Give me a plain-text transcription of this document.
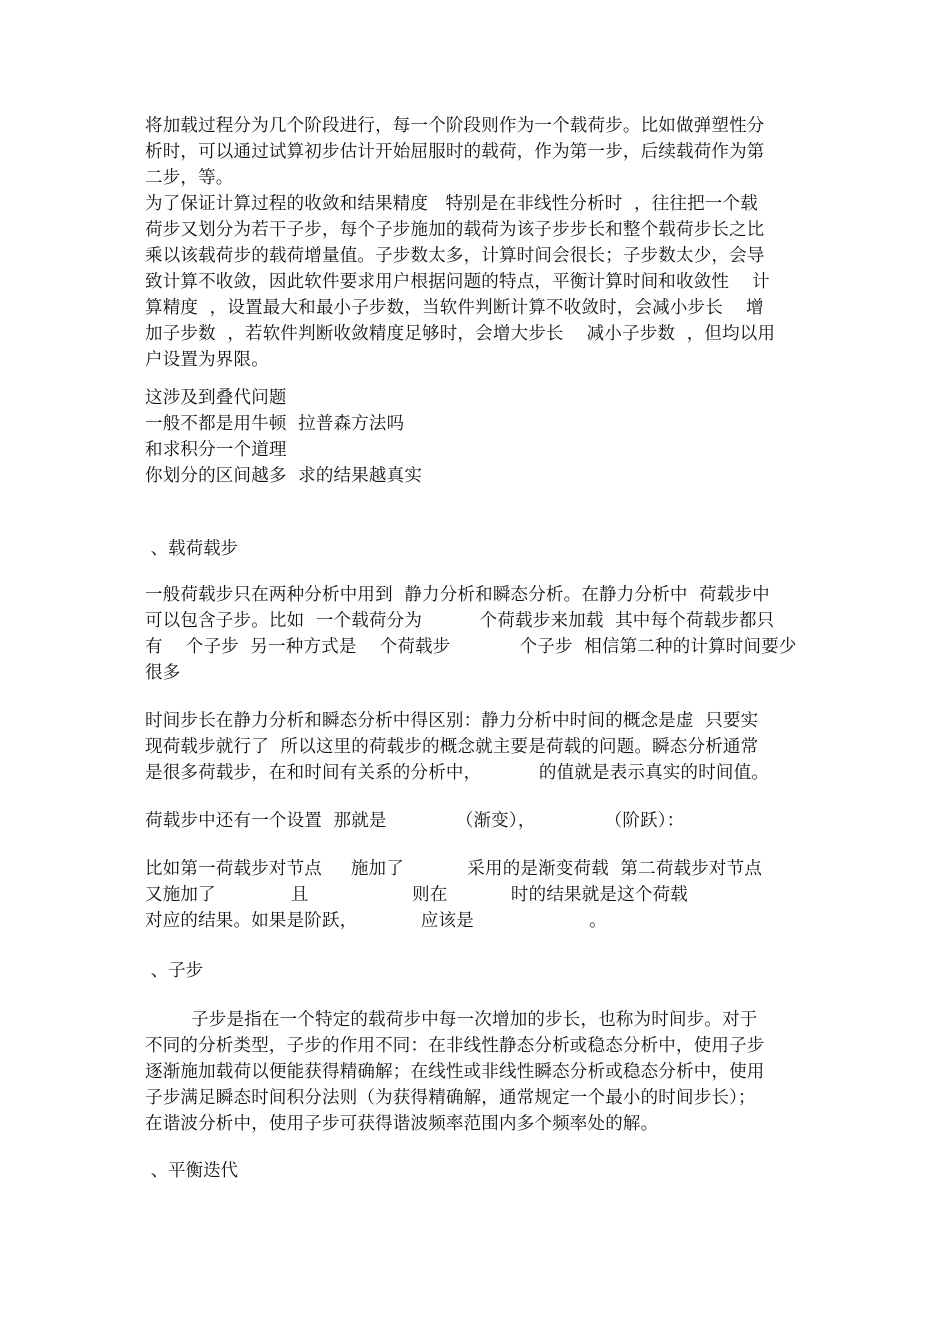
将加载过程分为几个阶段进行，每一个阶段则作为一个载荷步。比如做弹塑性分
析时，可以通过试算初步估计开始屈服时的载荷，作为第一步，后续载荷作为第
二步，等。
为了保证计算过程的收敛和结果精度   特别是在非线性分析时  ，往往把一个载
荷步又划分为若干子步，每个子步施加的载荷为该子步步长和整个载荷步长之比
乘以该载荷步的载荷增量值。子步数太多，计算时间会很长；子步数太少，会导
致计算不收敛，因此软件要求用户根据问题的特点，平衡计算时间和收敛性    计
算精度  ，设置最大和最小子步数，当软件判断计算不收敛时，会减小步长    增
加子步数  ，若软件判断收敛精度足够时，会增大步长    减小子步数  ，但均以用
户设置为界限。
这涉及到叠代问题
一般不都是用牛顿  拉普森方法吗
和求积分一个道理
你划分的区间越多  求的结果越真实
、载荷载步
一般荷载步只在两种分析中用到  静力分析和瞬态分析。在静力分析中  荷载步中
可以包含子步。比如  一个载荷分为          个荷载步来加载  其中每个荷载步都只
有    个子步  另一种方式是    个荷载步            个子步  相信第二种的计算时间要少
很多
时间步长在静力分析和瞬态分析中得区别：静力分析中时间的概念是虚  只要实
现荷载步就行了  所以这里的荷载步的概念就主要是荷载的问题。瞬态分析通常
是很多荷载步，在和时间有关系的分析中，          的值就是表示真实的时间值。
荷载步中还有一个设置  那就是            （渐变），            （阶跃）：
比如第一荷载步对节点     施加了           采用的是渐变荷载  第二荷载步对节点
又施加了             且                  则在           时的结果就是这个荷载
对应的结果。如果是阶跃，           应该是                    。
、子步
子步是指在一个特定的载荷步中每一次增加的步长，也称为时间步。对于
不同的分析类型，子步的作用不同：在非线性静态分析或稳态分析中，使用子步
逐渐施加载荷以便能获得精确解；在线性或非线性瞬态分析或稳态分析中，使用
子步满足瞬态时间积分法则（为获得精确解，通常规定一个最小的时间步长）；
在谐波分析中，使用子步可获得谐波频率范围内多个频率处的解。
、平衡迭代
